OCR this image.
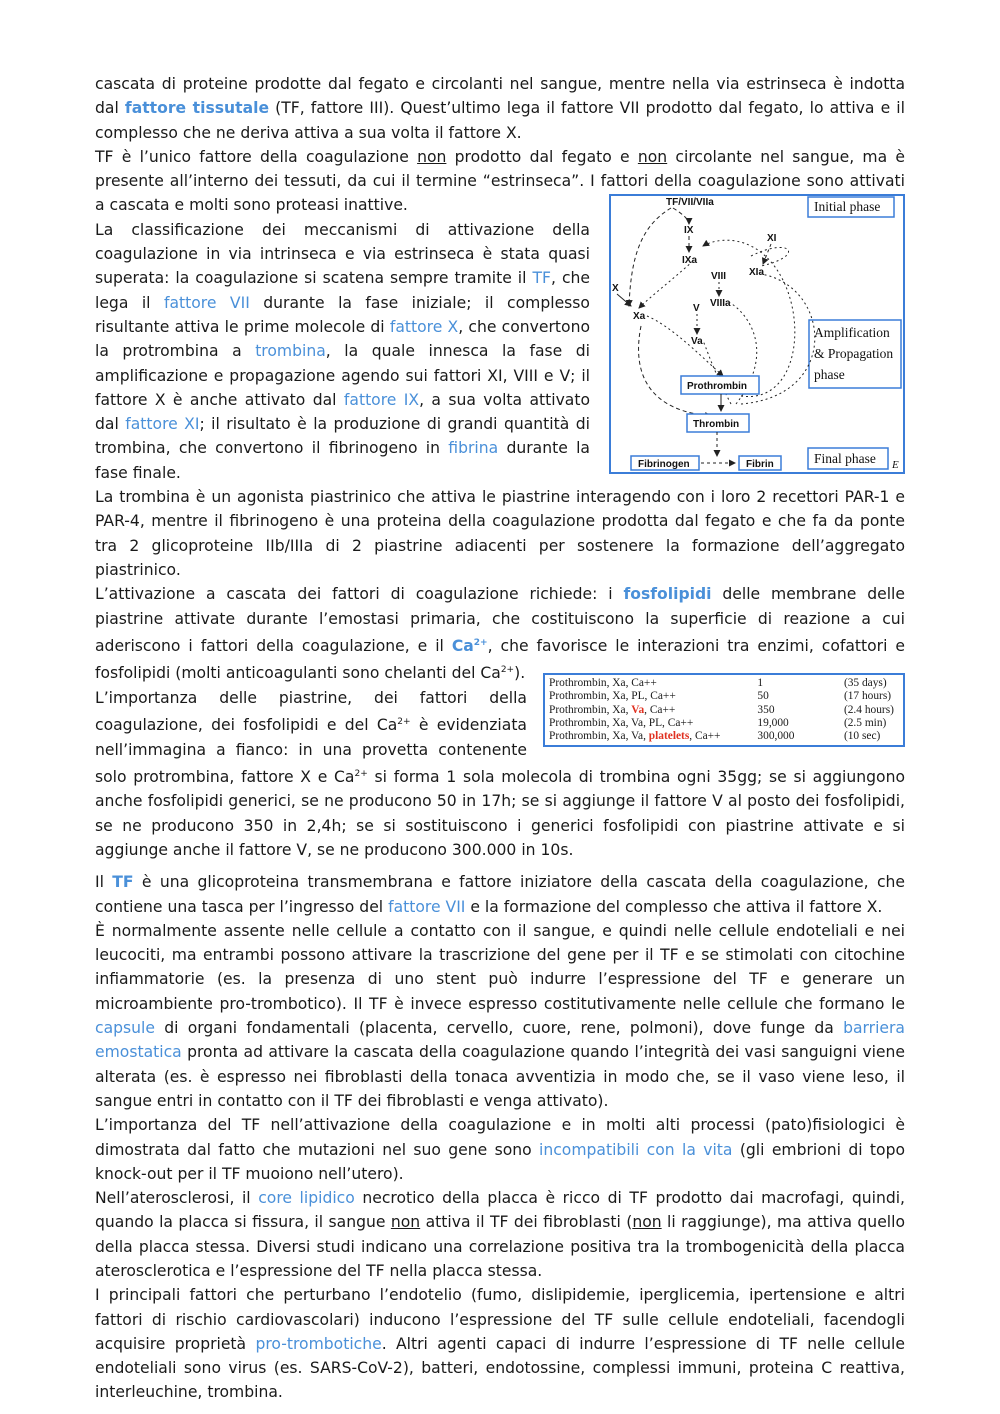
cascata di proteine prodotte dal fegato e circolanti nel sangue, mentre nella via estrinseca è indotta dal fattore tissutale (TF, fattore III). Quest’ultimo lega il fattore VII prodotto dal fegato, lo attiva e il complesso che ne deriva attiva a sua volta il fattore X.

TF è l’unico fattore della coagulazione non prodotto dal fegato e non circolante nel sangue, ma è presente all’interno dei tessuti, da cui il termine “estrinseca”. I fattori della coagulazione sono attivati a cascata e molti sono proteasi inattive.

La classificazione dei meccanismi di attivazione della coagulazione in via intrinseca e via estrinseca è stata quasi superata: la coagulazione si scatena sempre tramite il TF, che lega il fattore VII durante la fase iniziale; il complesso risultante attiva le prime molecole di fattore X, che convertono la protrombina a trombina, la quale innesca la fase di amplificazione e propagazione agendo sui fattori XI, VIII e V; il fattore X è anche attivato dal fattore IX, a sua volta attivato dal fattore XI; il risultato è la produzione di grandi quantità di trombina, che convertono il fibrinogeno in fibrina durante la fase finale.

Initial phase
Amplification
& Propagation
phase
Final phase E
TF/VII/VIIa
IX
IXa
XI
XIa
VIII
VIIIa
V
Va
X
Xa
Prothrombin
Thrombin
Fibrinogen	Fibrin

La trombina è un agonista piastrinico che attiva le piastrine interagendo con i loro 2 recettori PAR-1 e PAR-4, mentre il fibrinogeno è una proteina della coagulazione prodotta dal fegato e che fa da ponte tra 2 glicoproteine IIb/IIIa di 2 piastrine adiacenti per sostenere la formazione dell’aggregato piastrinico.

L’attivazione a cascata dei fattori di coagulazione richiede: i fosfolipidi delle membrane delle piastrine attivate durante l’emostasi primaria, che costituiscono la superficie di reazione a cui aderiscono i fattori della coagulazione, e il $Ca^{2+}$, che favorisce le interazioni tra enzimi, cofattori e fosfolipidi (molti anticoagulanti sono chelanti del $Ca^{2+}$).

Prothrombin, Xa, Ca++	1	(35 days)
Prothrombin, Xa, PL, Ca++	50	(17 hours)
Prothrombin, Xa, Va, Ca++	350	(2.4 hours)
Prothrombin, Xa, Va, PL, Ca++	19,000	(2.5 min)
Prothrombin, Xa, Va, platelets, Ca++	300,000	(10 sec)

L’importanza delle piastrine, dei fattori della coagulazione, dei fosfolipidi e del $Ca^{2+}$ è evidenziata nell’immagina a fianco: in una provetta contenente solo protrombina, fattore X e $Ca^{2+}$ si forma 1 sola molecola di trombina ogni 35gg; se si aggiungono anche fosfolipidi generici, se ne producono 50 in 17h; se si aggiunge il fattore V al posto dei fosfolipidi, se ne producono 350 in 2,4h; se si sostituiscono i generici fosfolipidi con piastrine attivate e si aggiunge anche il fattore V, se ne producono 300.000 in 10s.

Il TF è una glicoproteina transmembrana e fattore iniziatore della cascata della coagulazione, che contiene una tasca per l’ingresso del fattore VII e la formazione del complesso che attiva il fattore X.

È normalmente assente nelle cellule a contatto con il sangue, e quindi nelle cellule endoteliali e nei leucociti, ma entrambi possono attivare la trascrizione del gene per il TF e se stimolati con citochine infiammatorie (es. la presenza di uno stent può indurre l’espressione del TF e generare un microambiente pro-trombotico). Il TF è invece espresso costitutivamente nelle cellule che formano le capsule di organi fondamentali (placenta, cervello, cuore, rene, polmoni), dove funge da barriera emostatica pronta ad attivare la cascata della coagulazione quando l’integrità dei vasi sanguigni viene alterata (es. è espresso nei fibroblasti della tonaca avventizia in modo che, se il vaso viene leso, il sangue entri in contatto con il TF dei fibroblasti e venga attivato).

L’importanza del TF nell’attivazione della coagulazione e in molti alti processi (pato)fisiologici è dimostrata dal fatto che mutazioni nel suo gene sono incompatibili con la vita (gli embrioni di topo knock-out per il TF muoiono nell’utero).

Nell’aterosclerosi, il core lipidico necrotico della placca è ricco di TF prodotto dai macrofagi, quindi, quando la placca si fissura, il sangue non attiva il TF dei fibroblasti (non li raggiunge), ma attiva quello della placca stessa. Diversi studi indicano una correlazione positiva tra la trombogenicità della placca aterosclerotica e l’espressione del TF nella placca stessa.

I principali fattori che perturbano l’endotelio (fumo, dislipidemie, iperglicemia, ipertensione e altri fattori di rischio cardiovascolari) inducono l’espressione del TF sulle cellule endoteliali, facendogli acquisire proprietà pro-trombotiche. Altri agenti capaci di indurre l’espressione di TF nelle cellule endoteliali sono virus (es. SARS-CoV-2), batteri, endotossine, complessi immuni, proteina C reattiva, interleuchine, trombina.
